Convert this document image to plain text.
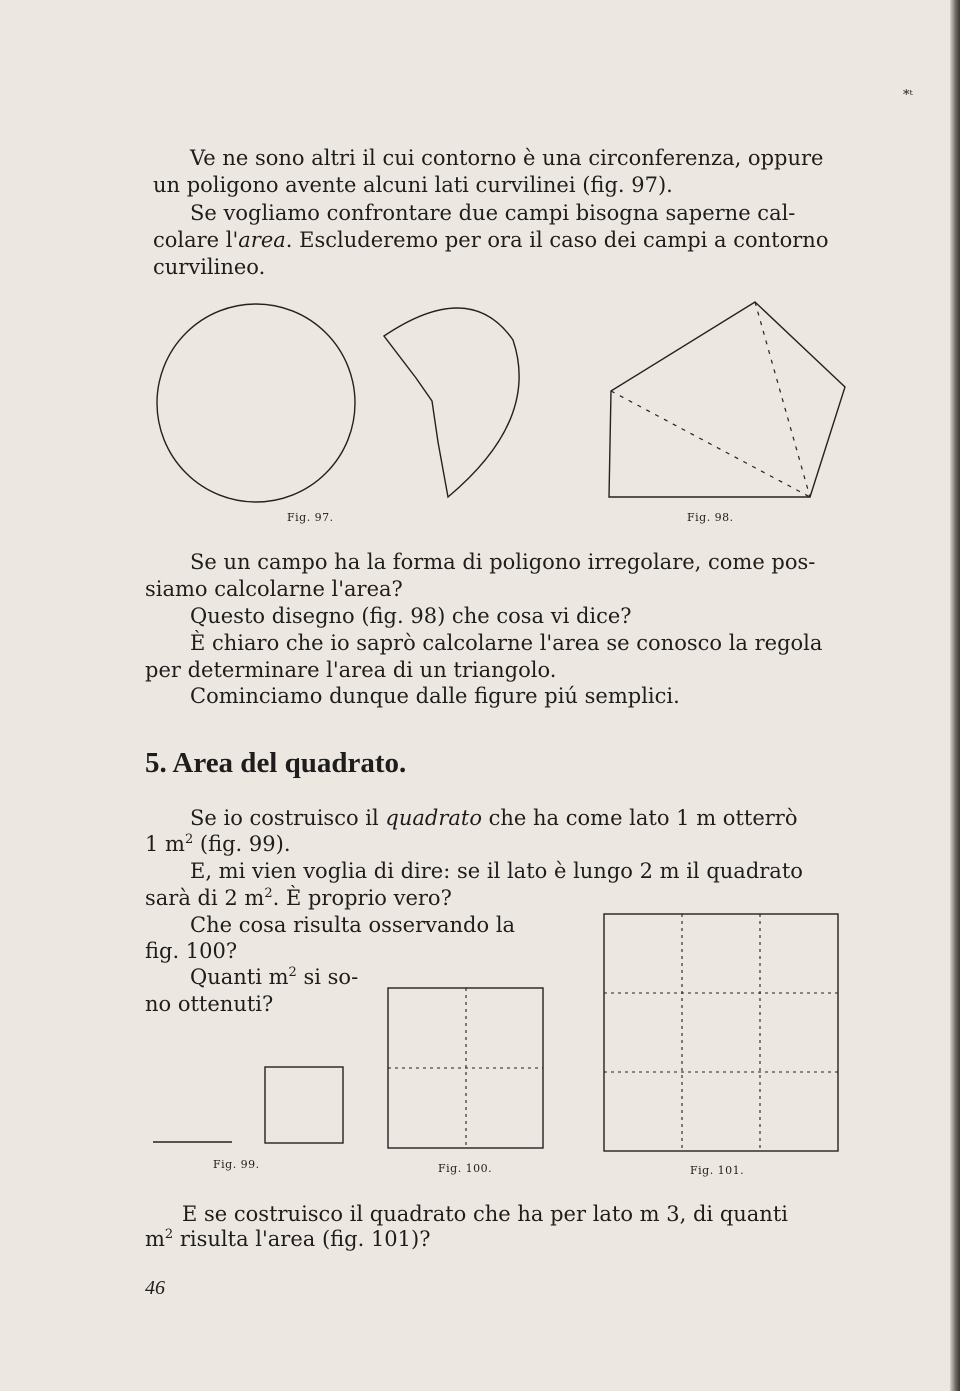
*ᵗ
Ve ne sono altri il cui contorno è una circonferenza, oppure
un poligono avente alcuni lati curvilinei (fig. 97).
Se vogliamo confrontare due campi bisogna saperne cal-
colare l'area. Escluderemo per ora il caso dei campi a contorno
curvilineo.
Fig. 97.	Fig. 98.
Se un campo ha la forma di poligono irregolare, come pos-
siamo calcolarne l'area?
Questo disegno (fig. 98) che cosa vi dice?
È chiaro che io saprò calcolarne l'area se conosco la regola
per determinare l'area di un triangolo.
Cominciamo dunque dalle figure piú semplici.
5. Area del quadrato.
Se io costruisco il quadrato che ha come lato 1 m otterrò
1 $m^2$ (fig. 99).
E, mi vien voglia di dire: se il lato è lungo 2 m il quadrato
sarà di 2 $m^2$. È proprio vero?
Che cosa risulta osservando la
fig. 100?
Quanti $m^2$ si so-
no ottenuti?
Fig. 99.	Fig. 100.	Fig. 101.
E se costruisco il quadrato che ha per lato m 3, di quanti
$m^2$ risulta l'area (fig. 101)?
46
